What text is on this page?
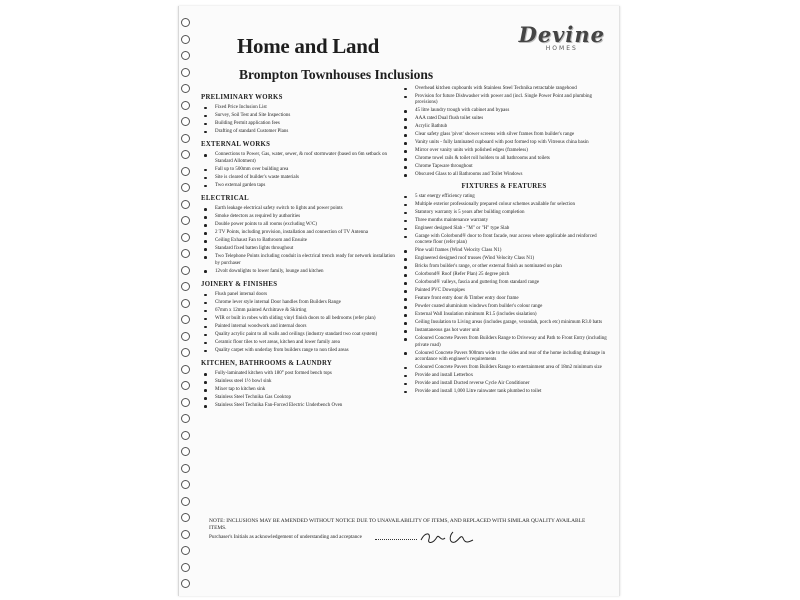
Home and Land
Brompton Townhouses Inclusions
Devine
HOMES
PRELIMINARY WORKS
Fixed Price Inclusion List
Survey, Soil Test and Site Inspections
Building Permit application fees
Drafting of standard Customer Plans
EXTERNAL WORKS
Connections to Power, Gas, water, sewer, & roof stormwater (based on 6m setback on Standard Allotment)
Fall up to 500mm over building area
Site is cleared of builder's waste materials
Two external garden taps
ELECTRICAL
Earth leakage electrical safety switch to lights and power points
Smoke detectors as required by authorities
Double power points to all rooms (excluding W/C)
2 TV Points, including provision, installation and connection of TV Antenna
Ceiling Exhaust Fan to Bathroom and Ensuite
Standard fixed batten lights throughout
Two Telephone Points including conduit in electrical trench ready for network installation by purchaser
12volt downlights to lower family, lounge and kitchen
JOINERY & FINISHES
Flush panel internal doors
Chrome lever style internal Door handles from Builders Range
67mm x 12mm painted Architrave & Skirting
WIR or built in robes with sliding vinyl finish doors to all bedrooms (refer plan)
Painted internal woodwork and internal doors
Quality acrylic paint to all walls and ceilings (industry standard two coat system)
Ceramic floor tiles to wet areas, kitchen and lower family area
Quality carpet with underlay from builders range to non tiled areas
KITCHEN, BATHROOMS & LAUNDRY
Fully-laminated kitchen with 180° post formed bench tops
Stainless steel 1½ bowl sink
Mixer tap to kitchen sink
Stainless Steel Technika Gas Cooktop
Stainless Steel Technika Fan-Forced Electric Underbench Oven
Overhead kitchen cupboards with Stainless Steel Technika retractable rangehood
Provision for future Dishwasher with power and (incl. Single Power Point and plumbing provisions)
45 litre laundry trough with cabinet and bypass
AAA rated Dual flush toilet suites
Acrylic Bathtub
Clear safety glass 'pivot' shower screens with silver frames from builder's range
Vanity units - fully laminated cupboard with post formed top with Vitreous china basin
Mirror over vanity units with polished edges (frameless)
Chrome towel rails & toilet roll holders to all bathrooms and toilets
Chrome Tapware throughout
Obscured Glass to all Bathrooms and Toilet Windows
FIXTURES & FEATURES
5 star energy efficiency rating
Multiple exterior professionally prepared colour schemes available for selection
Statutory warranty is 5 years after building completion
Three months maintenance warranty
Engineer designed Slab - "M" or "H" type Slab
Garage with Colorbond® door to front facade, rear access where applicable and reinforced concrete floor (refer plan)
Pine wall frames (Wind Velocity Class N1)
Engineered designed roof trusses (Wind Velocity Class N1)
Bricks from builder's range, or other external finish as nominated on plan
Colorbond® Roof (Refer Plan) 25 degree pitch
Colorbond® valleys, fascia and guttering from standard range
Painted PVC Downpipes
Feature front entry door & Timber entry door frame
Powder coated aluminium windows from builder's colour range
External Wall Insulation minimum R1.5 (includes sisalation)
Ceiling Insulation to Living areas (includes garage, verandah, porch etc) minimum R3.0 batts
Instantaneous gas hot water unit
Coloured Concrete Pavers from Builders Range to Driveway and Path to Front Entry (including private road)
Coloured Concrete Pavers 900mm wide to the sides and rear of the home including drainage in accordance with engineer's requirements
Coloured Concrete Pavers from Builders Range to entertainment area of 18m2 minimum size
Provide and install Letterbox
Provide and install Ducted reverse Cycle Air Conditioner
Provide and install 1,000 Litre rainwater tank plumbed to toilet
NOTE: INCLUSIONS MAY BE AMENDED WITHOUT NOTICE DUE TO UNAVAILABILITY OF ITEMS, AND REPLACED WITH SIMILAR QUALITY AVAILABLE ITEMS.
Purchaser's Initials as acknowledgement of understanding and acceptance
